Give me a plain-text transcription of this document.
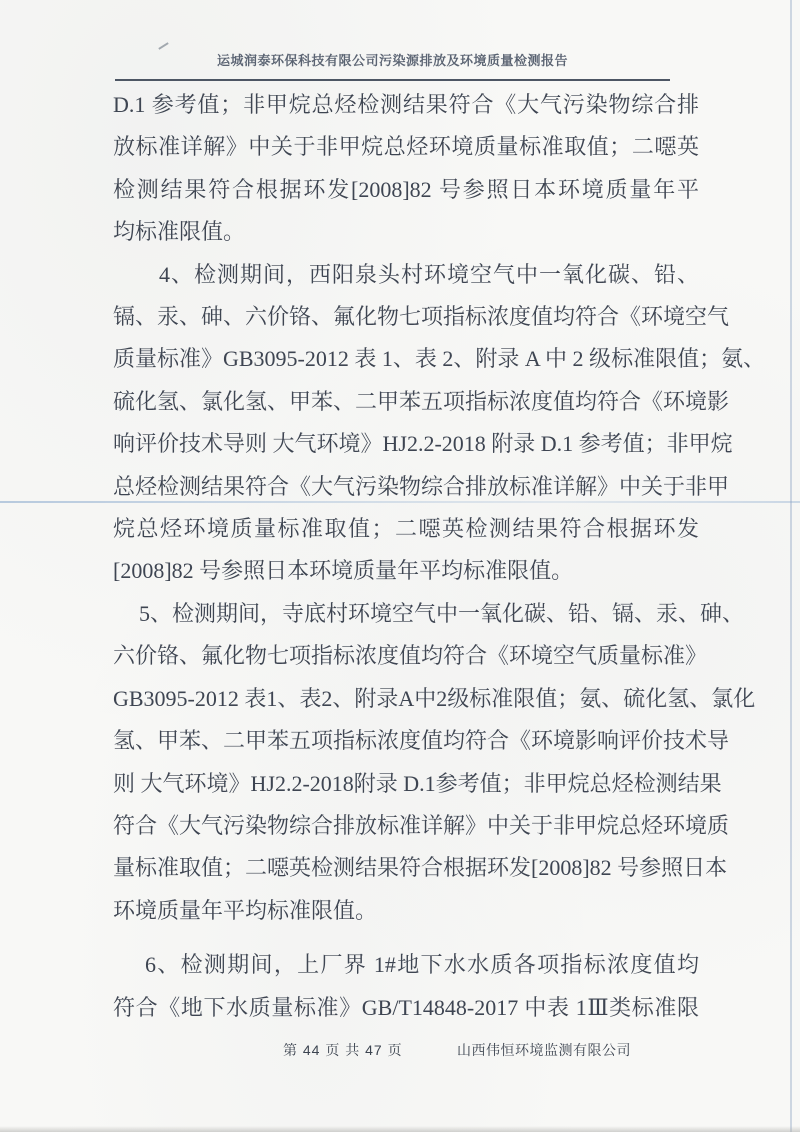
运城润泰环保科技有限公司污染源排放及环境质量检测报告
D.1 参考值；非甲烷总烃检测结果符合《大气污染物综合排
放标准详解》中关于非甲烷总烃环境质量标准取值；二噁英
检测结果符合根据环发[2008]82 号参照日本环境质量年平
均标准限值。
4、检测期间，西阳泉头村环境空气中一氧化碳、铅、
镉、汞、砷、六价铬、氟化物七项指标浓度值均符合《环境空气
质量标准》GB3095-2012 表 1、表 2、附录 A 中 2 级标准限值；氨、
硫化氢、氯化氢、甲苯、二甲苯五项指标浓度值均符合《环境影
响评价技术导则 大气环境》HJ2.2-2018 附录 D.1 参考值；非甲烷
总烃检测结果符合《大气污染物综合排放标准详解》中关于非甲
烷总烃环境质量标准取值；二噁英检测结果符合根据环发
[2008]82 号参照日本环境质量年平均标准限值。
5、检测期间，寺底村环境空气中一氧化碳、铅、镉、汞、砷、
六价铬、氟化物七项指标浓度值均符合《环境空气质量标准》
GB3095-2012 表1、表2、附录A中2级标准限值；氨、硫化氢、氯化
氢、甲苯、二甲苯五项指标浓度值均符合《环境影响评价技术导
则 大气环境》HJ2.2-2018附录 D.1参考值；非甲烷总烃检测结果
符合《大气污染物综合排放标准详解》中关于非甲烷总烃环境质
量标准取值；二噁英检测结果符合根据环发[2008]82 号参照日本
环境质量年平均标准限值。
6、检测期间，上厂界 1#地下水水质各项指标浓度值均
符合《地下水质量标准》GB/T14848-2017 中表 1Ⅲ类标准限
第 44 页 共 47 页	山西伟恒环境监测有限公司
